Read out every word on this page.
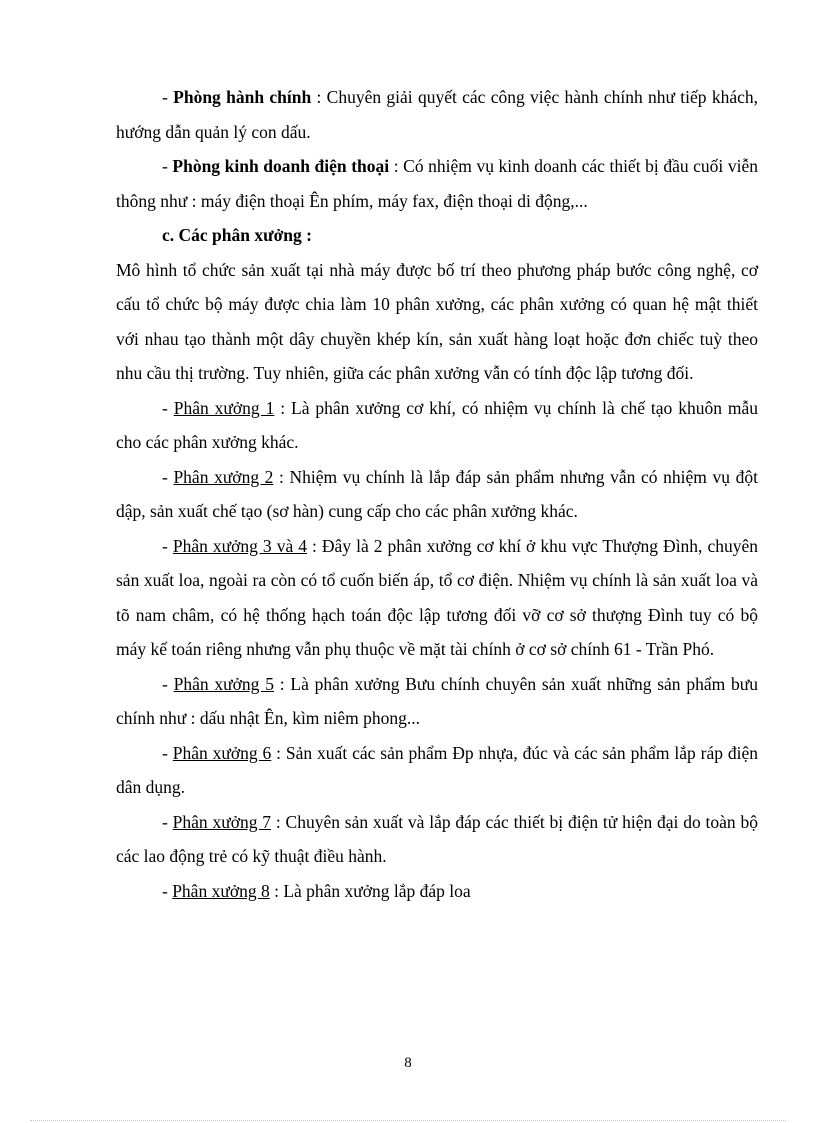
- Phòng hành chính : Chuyên giải quyết các công việc hành chính như tiếp khách, hướng dẫn quản lý con dấu.

- Phòng kinh doanh điện thoại : Có nhiệm vụ kinh doanh các thiết bị đầu cuối viễn thông như : máy điện thoại Ên phím, máy fax, điện thoại di động,...

c. Các phân xưởng :

Mô hình tổ chức sản xuất tại nhà máy được bố trí theo phương pháp bước công nghệ, cơ cấu tổ chức bộ máy được chia làm 10 phân xưởng, các phân xưởng có quan hệ mật thiết với nhau tạo thành một dây chuyền khép kín, sản xuất hàng loạt hoặc đơn chiếc tuỳ theo nhu cầu thị trường. Tuy nhiên, giữa các phân xưởng vẫn có tính độc lập tương đối.

- Phân xưởng 1 : Là phân xưởng cơ khí, có nhiệm vụ chính là chế tạo khuôn mẫu cho các phân xưởng khác.

- Phân xưởng 2 : Nhiệm vụ chính là lắp đáp sản phẩm nhưng vẫn có nhiệm vụ đột dập, sản xuất chế tạo (sơ hàn) cung cấp cho các phân xưởng khác.

- Phân xưởng 3 và 4 : Đây là 2 phân xưởng cơ khí ở khu vực Thượng Đình, chuyên sản xuất loa, ngoài ra còn có tổ cuốn biến áp, tổ cơ điện. Nhiệm vụ chính là sản xuất loa và tõ nam châm, có hệ thống hạch toán độc lập tương đối vỡ cơ sở thượng Đình tuy có bộ máy kế toán riêng nhưng vẫn phụ thuộc về mặt tài chính ở cơ sở chính 61 - Trần Phó.

- Phân xưởng 5 : Là phân xưởng Bưu chính chuyên sản xuất những sản phẩm bưu chính như : dấu nhật Ên, kìm niêm phong...

- Phân xưởng 6 : Sản xuất các sản phẩm Đp nhựa, đúc và các sản phẩm lắp ráp điện dân dụng.

- Phân xưởng 7 : Chuyên sản xuất và lắp đáp các thiết bị điện tử hiện đại do toàn bộ các lao động trẻ có kỹ thuật điều hành.

- Phân xưởng 8 : Là phân xưởng lắp đáp loa

8
